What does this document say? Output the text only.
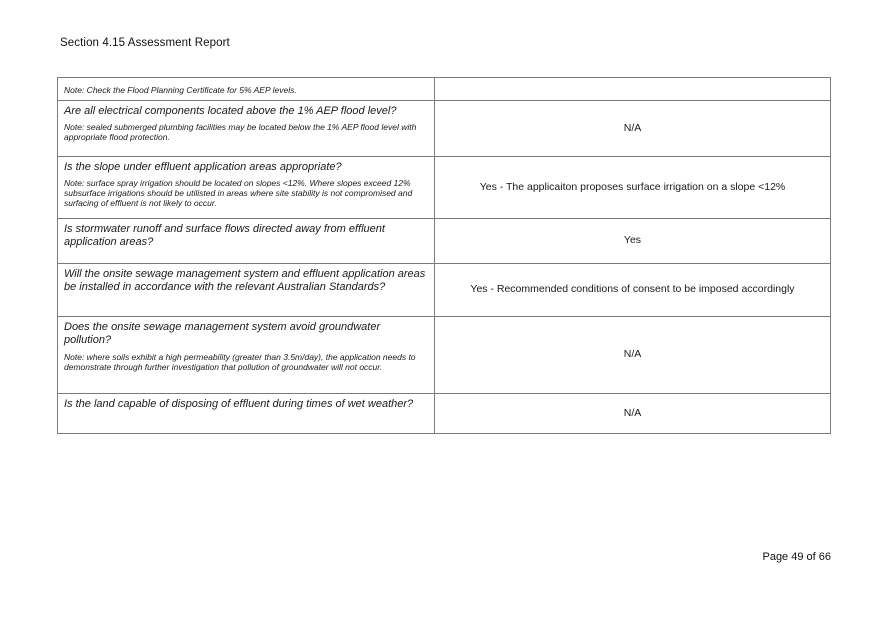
Section 4.15 Assessment Report
Note: Check the Flood Planning Certificate for 5% AEP levels.
Are all electrical components located above the 1% AEP flood level?
Note: sealed submerged plumbing facilities may be located below the 1% AEP flood level with appropriate flood protection.
N/A
Is the slope under effluent application areas appropriate?
Note: surface spray irrigation should be located on slopes <12%. Where slopes exceed 12% subsurface irrigations should be utilisted in areas where site stability is not compromised and surfacing of effluent is not likely to occur.
Yes - The applicaiton proposes surface irrigation on a slope <12%
Is stormwater runoff and surface flows directed away from effluent application areas?	Yes
Will the onsite sewage management system and effluent application areas be installed in accordance with the relevant Australian Standards?	Yes - Recommended conditions of consent to be imposed accordingly
Does the onsite sewage management system avoid groundwater pollution?
Note: where soils exhibit a high permeability (greater than 3.5m/day), the application needs to demonstrate through further investigation that pollution of groundwater will not occur.
N/A
Is the land capable of disposing of effluent during times of wet weather?
N/A
Page 49 of 66
